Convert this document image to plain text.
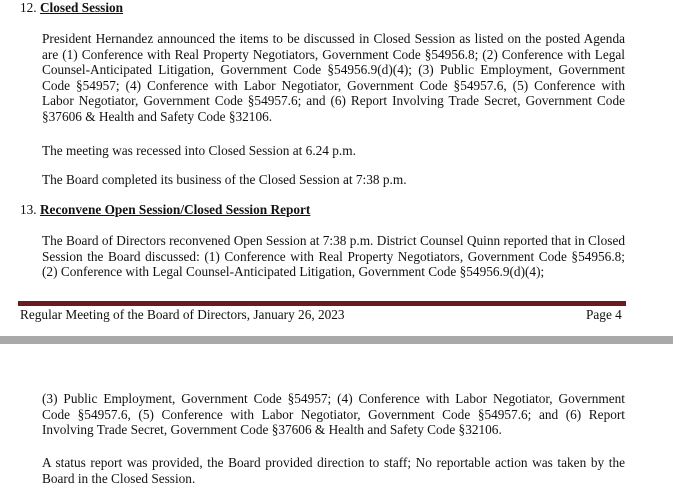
12. Closed Session
President Hernandez announced the items to be discussed in Closed Session as listed on the posted Agenda are (1) Conference with Real Property Negotiators, Government Code §54956.8; (2) Conference with Legal Counsel-Anticipated Litigation, Government Code §54956.9(d)(4); (3) Public Employment, Government Code §54957; (4) Conference with Labor Negotiator, Government Code §54957.6, (5) Conference with Labor Negotiator, Government Code §54957.6; and (6) Report Involving Trade Secret, Government Code §37606 & Health and Safety Code §32106.
The meeting was recessed into Closed Session at 6.24 p.m.
The Board completed its business of the Closed Session at 7:38 p.m.
13. Reconvene Open Session/Closed Session Report
The Board of Directors reconvened Open Session at 7:38 p.m. District Counsel Quinn reported that in Closed Session the Board discussed: (1) Conference with Real Property Negotiators, Government Code §54956.8; (2) Conference with Legal Counsel-Anticipated Litigation, Government Code §54956.9(d)(4);
Regular Meeting of the Board of Directors, January 26, 2023	Page 4
(3) Public Employment, Government Code §54957; (4) Conference with Labor Negotiator, Government Code §54957.6, (5) Conference with Labor Negotiator, Government Code §54957.6; and (6) Report Involving Trade Secret, Government Code §37606 & Health and Safety Code §32106.
A status report was provided, the Board provided direction to staff; No reportable action was taken by the Board in the Closed Session.
